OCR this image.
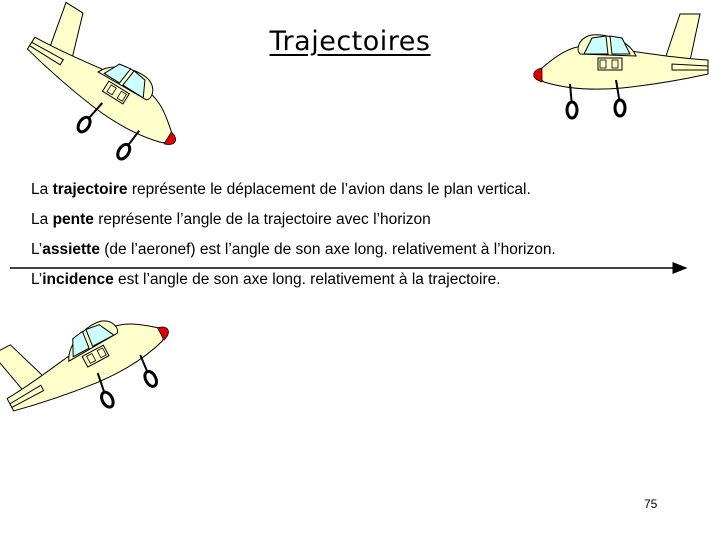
Trajectoires
La trajectoire représente le déplacement de l’avion dans le plan vertical.
La pente représente l’angle de la trajectoire avec l’horizon
L’assiette (de l’aeronef) est l’angle de son axe long. relativement à l’horizon.
L’incidence est l’angle de son axe long. relativement à la trajectoire.
75
